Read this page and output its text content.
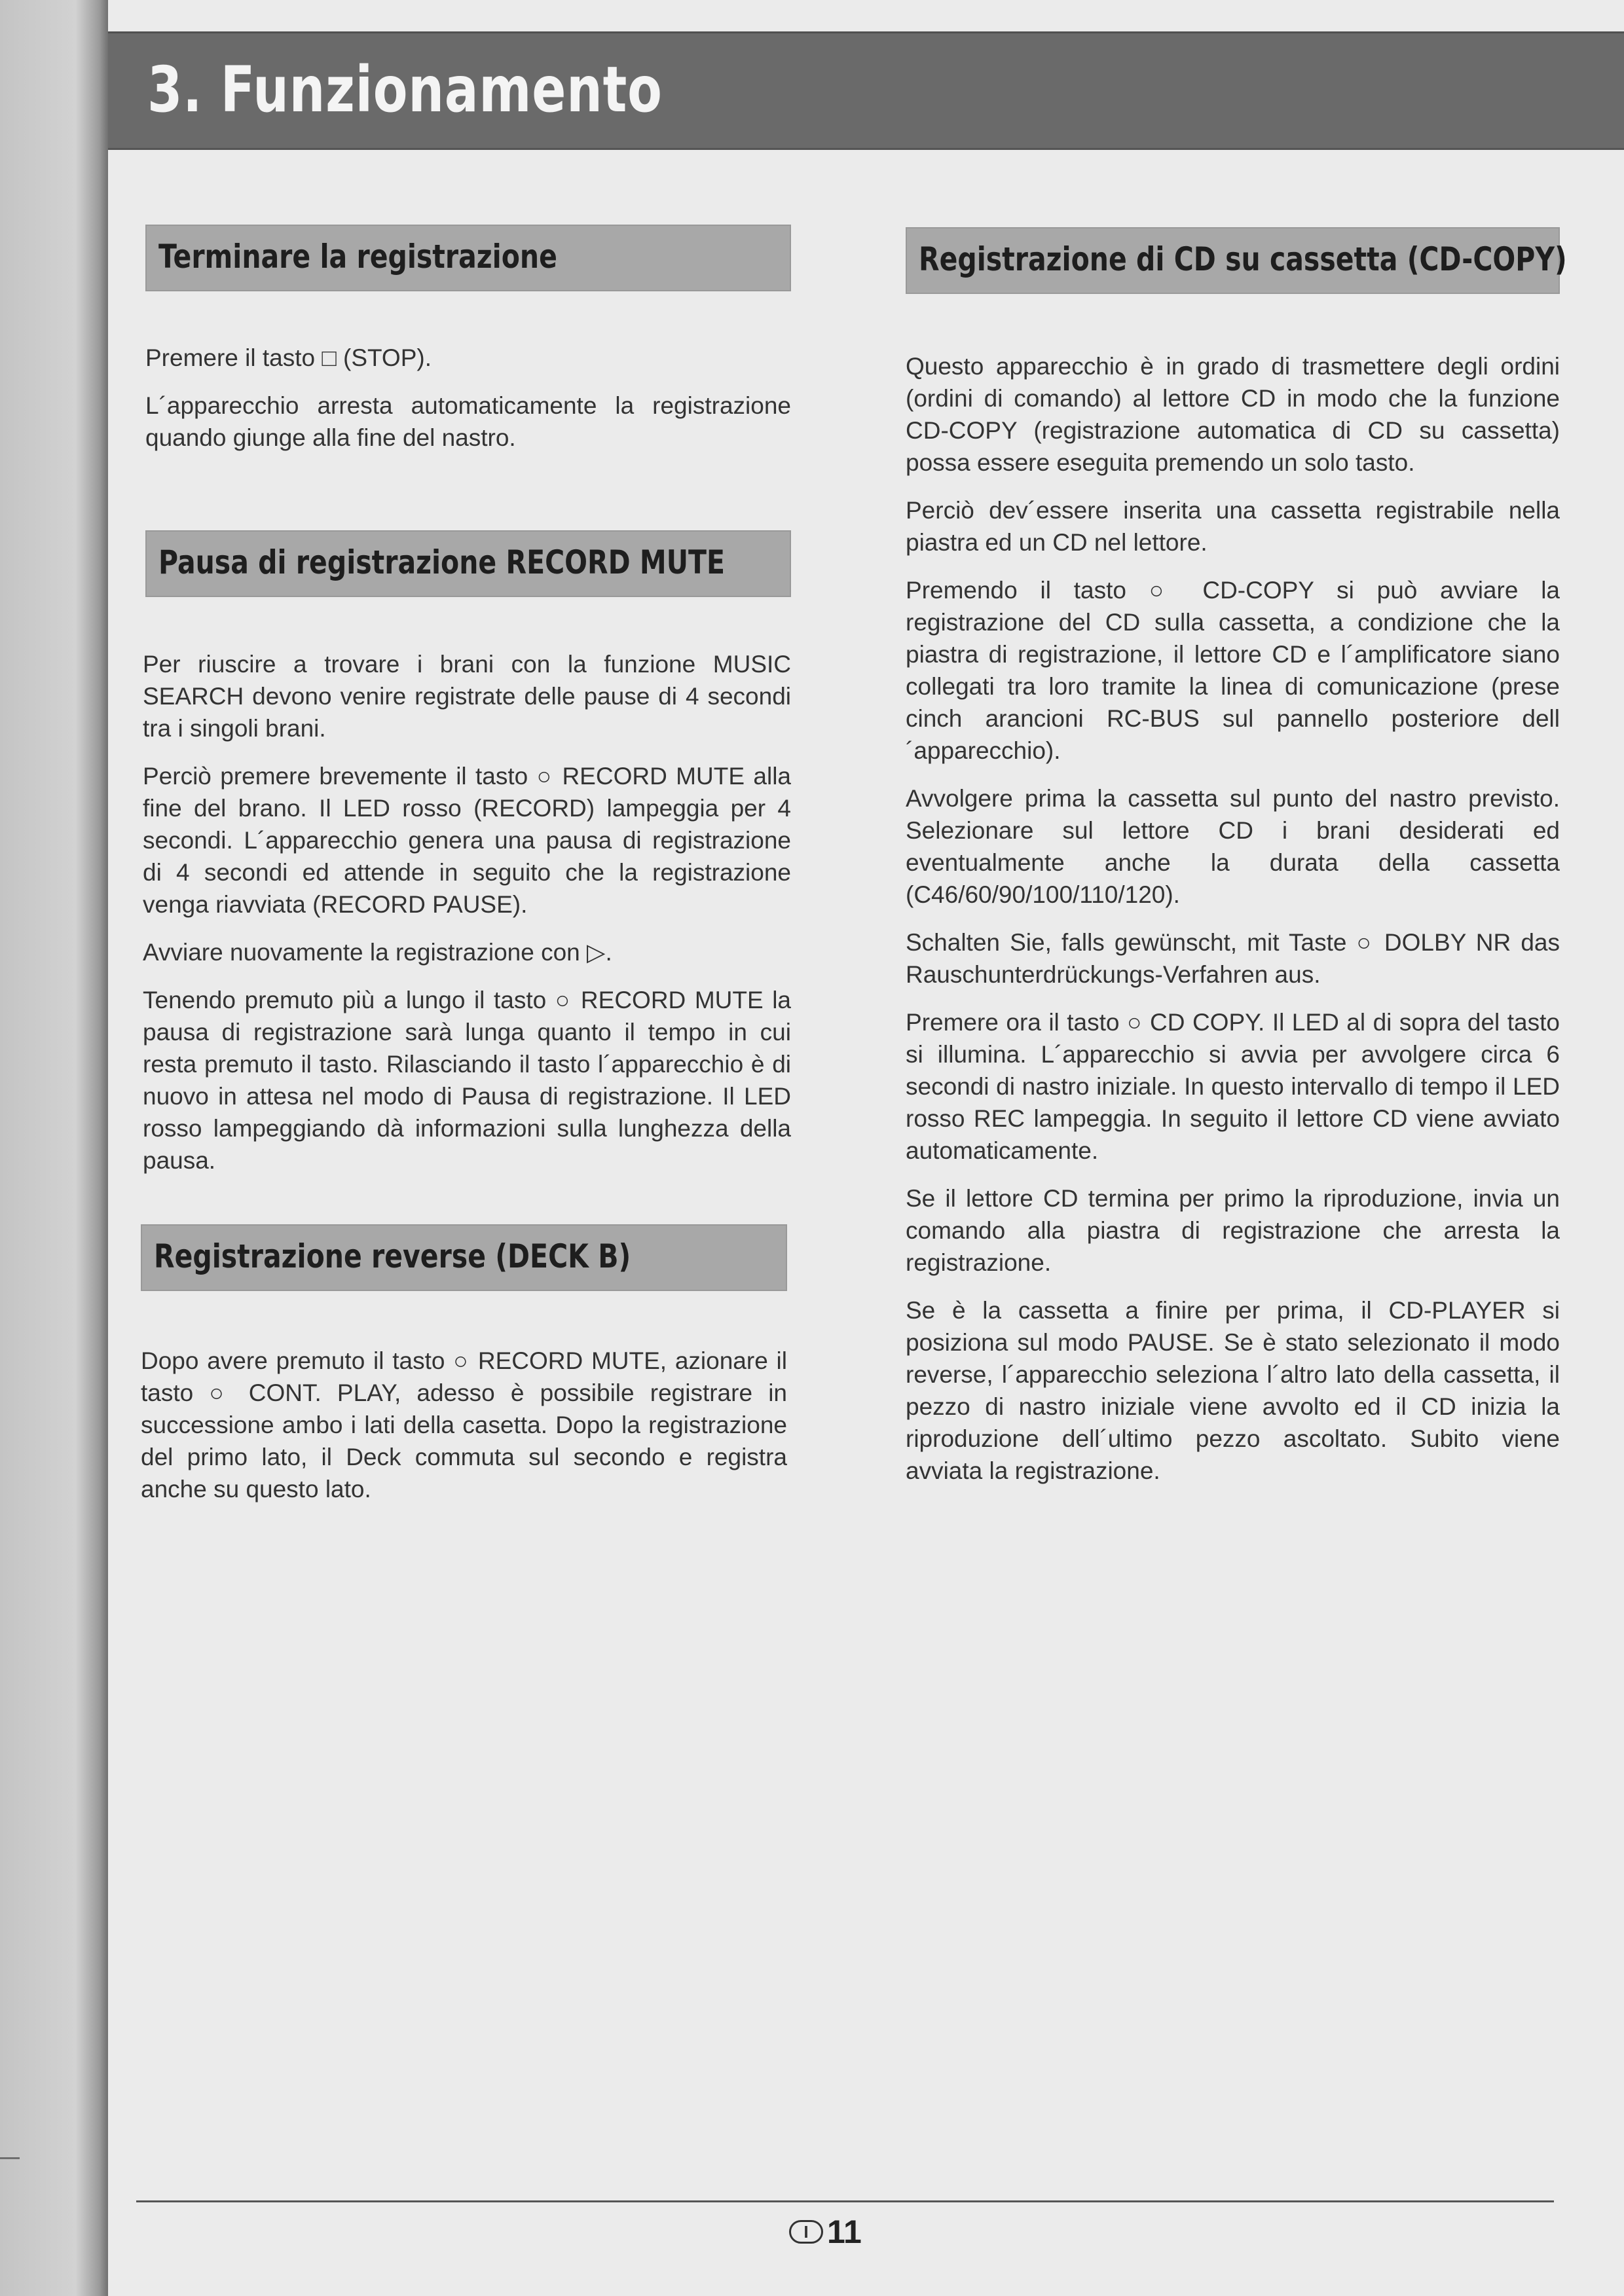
3. Funzionamento
Terminare la registrazione

Premere il tasto □ (STOP).

L´apparecchio arresta automaticamente la registrazione quando giunge alla fine del nastro.

Pausa di registrazione RECORD MUTE

Per riuscire a trovare i brani con la funzione MUSIC SEARCH devono venire registrate delle pause di 4 secondi tra i singoli brani.

Perciò premere brevemente il tasto ○ RECORD MUTE alla fine del brano. Il LED rosso (RECORD) lampeggia per 4 secondi. L´apparecchio genera una pausa di registrazione di 4 secondi ed attende in seguito che la registrazione venga riavviata (RECORD PAUSE).

Avviare nuovamente la registrazione con ▷.

Tenendo premuto più a lungo il tasto ○ RECORD MUTE la pausa di registrazione sarà lunga quanto il tempo in cui resta premuto il tasto. Rilasciando il tasto l´apparecchio è di nuovo in attesa nel modo di Pausa di registrazione. Il LED rosso lampeggiando dà informazioni sulla lunghezza della pausa.

Registrazione reverse (DECK B)

Dopo avere premuto il tasto ○ RECORD MUTE, azionare il tasto ○ CONT. PLAY, adesso è possibile registrare in successione ambo i lati della casetta. Dopo la registrazione del primo lato, il Deck commuta sul secondo e registra anche su questo lato.

Registrazione di CD su cassetta (CD-COPY)

Questo apparecchio è in grado di trasmettere degli ordini (ordini di comando) al lettore CD in modo che la funzione CD-COPY (registrazione automatica di CD su cassetta) possa essere eseguita premendo un solo tasto.

Perciò dev´essere inserita una cassetta registrabile nella piastra ed un CD nel lettore.

Premendo il tasto ○ CD-COPY si può avviare la registrazione del CD sulla cassetta, a condizione che la piastra di registrazione, il lettore CD e l´amplificatore siano collegati tra loro tramite la linea di comunicazione (prese cinch arancioni RC-BUS sul pannello posteriore dell´apparecchio).

Avvolgere prima la cassetta sul punto del nastro previsto. Selezionare sul lettore CD i brani desiderati ed eventualmente anche la durata della cassetta (C46/60/90/100/110/120).

Schalten Sie, falls gewünscht, mit Taste ○ DOLBY NR das Rauschunterdrückungs-Verfahren aus.

Premere ora il tasto ○ CD COPY. Il LED al di sopra del tasto si illumina. L´apparecchio si avvia per avvolgere circa 6 secondi di nastro iniziale. In questo intervallo di tempo il LED rosso REC lampeggia. In seguito il lettore CD viene avviato automaticamente.

Se il lettore CD termina per primo la riproduzione, invia un comando alla piastra di registrazione che arresta la registrazione.

Se è la cassetta a finire per prima, il CD-PLAYER si posiziona sul modo PAUSE. Se è stato selezionato il modo reverse, l´apparecchio seleziona l´altro lato della cassetta, il pezzo di nastro iniziale viene avvolto ed il CD inizia la riproduzione dell´ultimo pezzo ascoltato. Subito viene avviata la registrazione.

I 11
